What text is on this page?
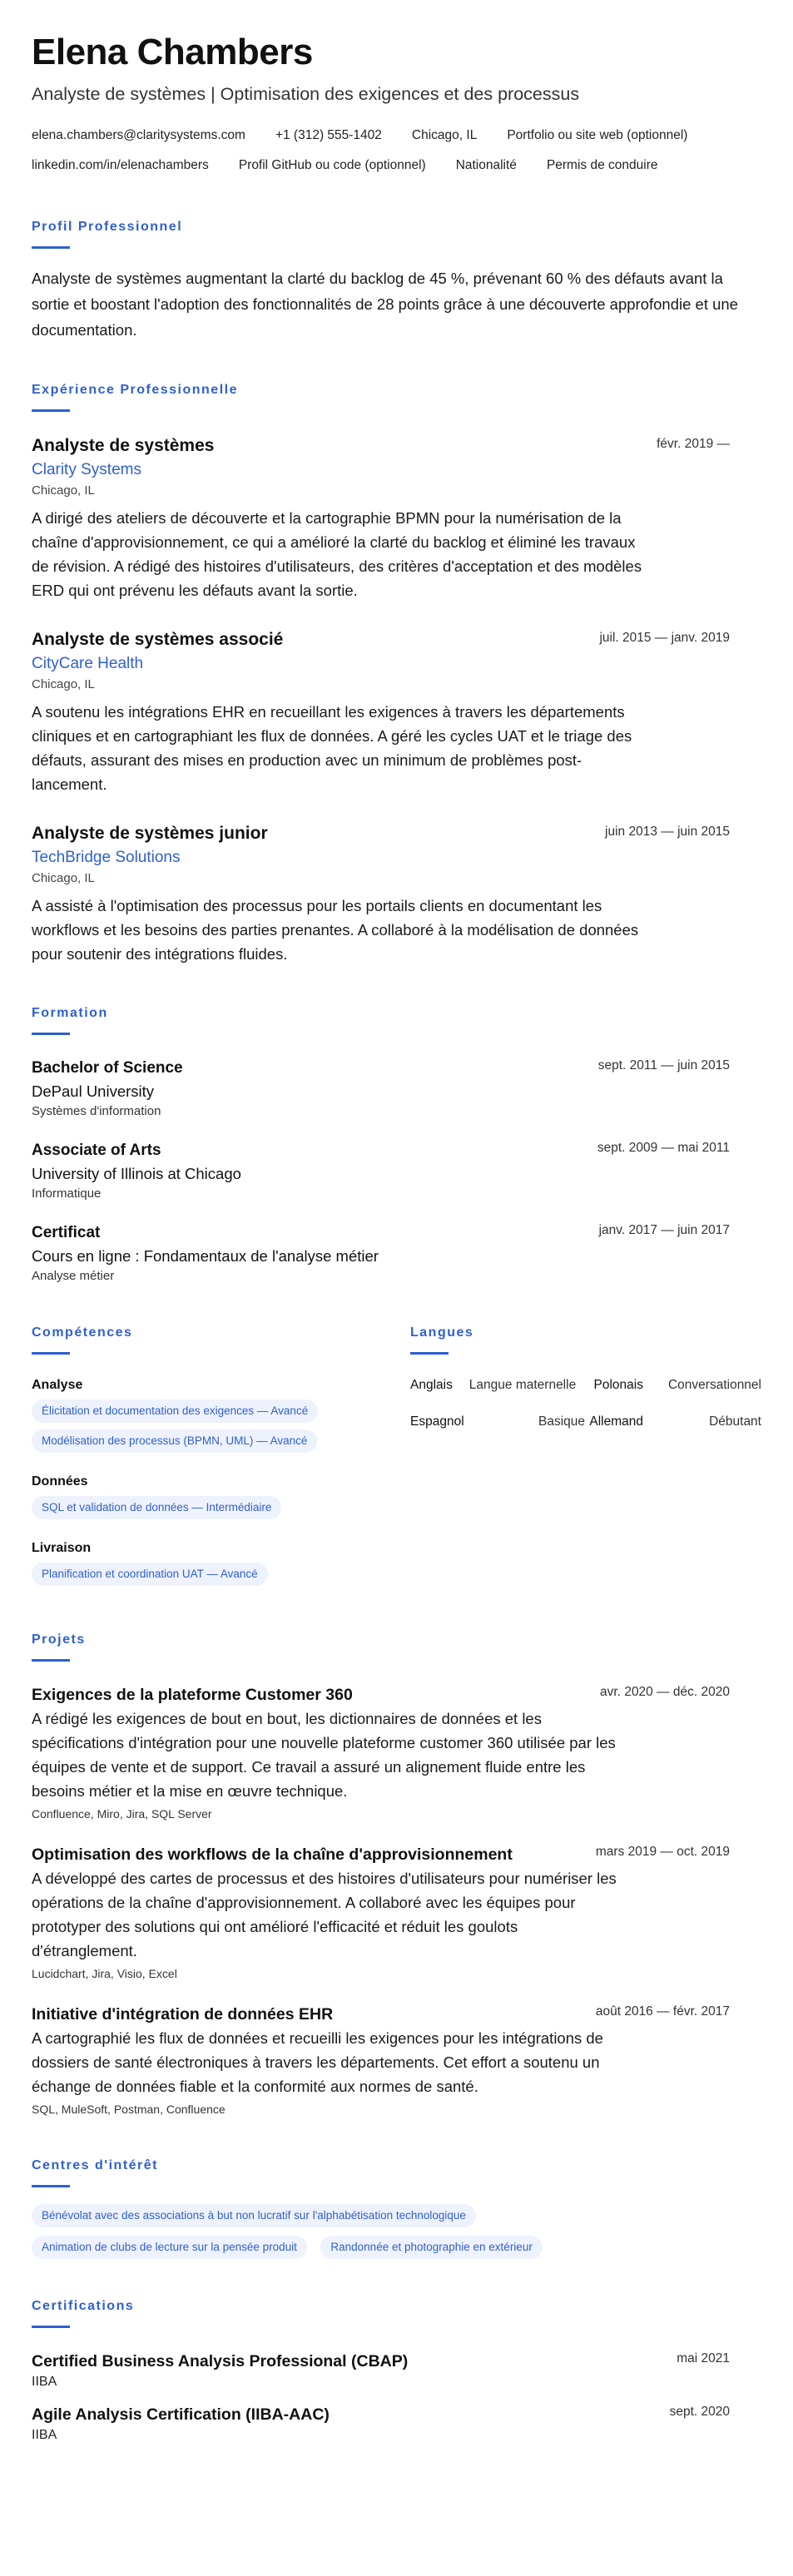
Elena Chambers
Analyste de systèmes | Optimisation des exigences et des processus
elena.chambers@claritysystems.com +1 (312) 555-1402 Chicago, IL Portfolio ou site web (optionnel)
linkedin.com/in/elenachambers Profil GitHub ou code (optionnel) Nationalité Permis de conduire
Profil Professionnel

Analyste de systèmes augmentant la clarté du backlog de 45 %, prévenant 60 % des défauts avant la sortie et boostant l'adoption des fonctionnalités de 28 points grâce à une découverte approfondie et une documentation.

Expérience Professionnelle
Analyste de systèmes
Clarity Systems
Chicago, IL
févr. 2019 —

A dirigé des ateliers de découverte et la cartographie BPMN pour la numérisation de la chaîne d'approvisionnement, ce qui a amélioré la clarté du backlog et éliminé les travaux de révision. A rédigé des histoires d'utilisateurs, des critères d'acceptation et des modèles ERD qui ont prévenu les défauts avant la sortie.

Analyste de systèmes associé
CityCare Health
Chicago, IL
juil. 2015 — janv. 2019

A soutenu les intégrations EHR en recueillant les exigences à travers les départements cliniques et en cartographiant les flux de données. A géré les cycles UAT et le triage des défauts, assurant des mises en production avec un minimum de problèmes post-lancement.

Analyste de systèmes junior
TechBridge Solutions
Chicago, IL
juin 2013 — juin 2015

A assisté à l'optimisation des processus pour les portails clients en documentant les workflows et les besoins des parties prenantes. A collaboré à la modélisation de données pour soutenir des intégrations fluides.

Formation
Bachelor of Science
DePaul University
Systèmes d'information
sept. 2011 — juin 2015
Associate of Arts
University of Illinois at Chicago
Informatique
sept. 2009 — mai 2011
Certificat
Cours en ligne : Fondamentaux de l'analyse métier
Analyse métier
janv. 2017 — juin 2017
Compétences
Analyse
Élicitation et documentation des exigences — Avancé
Modélisation des processus (BPMN, UML) — Avancé
Données
SQL et validation de données — Intermédiaire
Livraison
Planification et coordination UAT — Avancé
Langues
Anglais	Langue maternelle	Polonais	Conversationnel
Espagnol	Basique Allemand	Débutant
Projets
Exigences de la plateforme Customer 360	avr. 2020 — déc. 2020

A rédigé les exigences de bout en bout, les dictionnaires de données et les spécifications d'intégration pour une nouvelle plateforme customer 360 utilisée par les équipes de vente et de support. Ce travail a assuré un alignement fluide entre les besoins métier et la mise en œuvre technique.

Confluence, Miro, Jira, SQL Server
Optimisation des workflows de la chaîne d'approvisionnement	mars 2019 — oct. 2019

A développé des cartes de processus et des histoires d'utilisateurs pour numériser les opérations de la chaîne d'approvisionnement. A collaboré avec les équipes pour prototyper des solutions qui ont amélioré l'efficacité et réduit les goulots d'étranglement.

Lucidchart, Jira, Visio, Excel
Initiative d'intégration de données EHR	août 2016 — févr. 2017

A cartographié les flux de données et recueilli les exigences pour les intégrations de dossiers de santé électroniques à travers les départements. Cet effort a soutenu un échange de données fiable et la conformité aux normes de santé.

SQL, MuleSoft, Postman, Confluence
Centres d'intérêt
Bénévolat avec des associations à but non lucratif sur l'alphabétisation technologique
Animation de clubs de lecture sur la pensée produit	Randonnée et photographie en extérieur
Certifications
Certified Business Analysis Professional (CBAP)
IIBA
mai 2021
Agile Analysis Certification (IIBA-AAC)
IIBA
sept. 2020
